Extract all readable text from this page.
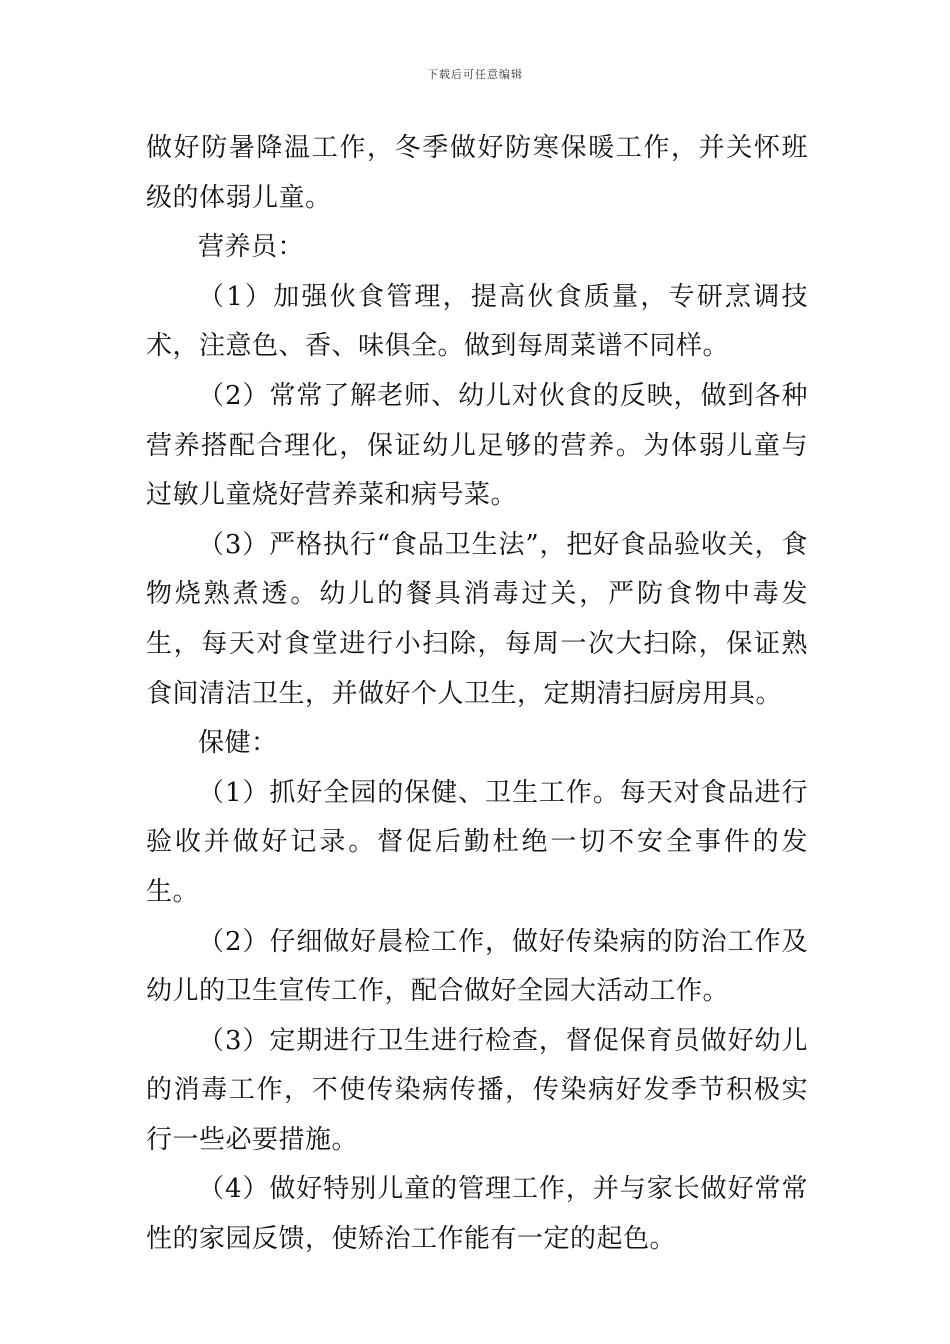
下载后可任意编辑

做好防暑降温工作，冬季做好防寒保暖工作，并关怀班级的体弱儿童。

营养员：

（1）加强伙食管理，提高伙食质量，专研烹调技术，注意色、香、味俱全。做到每周菜谱不同样。

（2）常常了解老师、幼儿对伙食的反映，做到各种营养搭配合理化，保证幼儿足够的营养。为体弱儿童与过敏儿童烧好营养菜和病号菜。

（3）严格执行“食品卫生法”，把好食品验收关，食物烧熟煮透。幼儿的餐具消毒过关，严防食物中毒发生，每天对食堂进行小扫除，每周一次大扫除，保证熟食间清洁卫生，并做好个人卫生，定期清扫厨房用具。

保健：

（1）抓好全园的保健、卫生工作。每天对食品进行验收并做好记录。督促后勤杜绝一切不安全事件的发生。

（2）仔细做好晨检工作，做好传染病的防治工作及幼儿的卫生宣传工作，配合做好全园大活动工作。

（3）定期进行卫生进行检查，督促保育员做好幼儿的消毒工作，不使传染病传播，传染病好发季节积极实行一些必要措施。

（4）做好特别儿童的管理工作，并与家长做好常常性的家园反馈，使矫治工作能有一定的起色。
